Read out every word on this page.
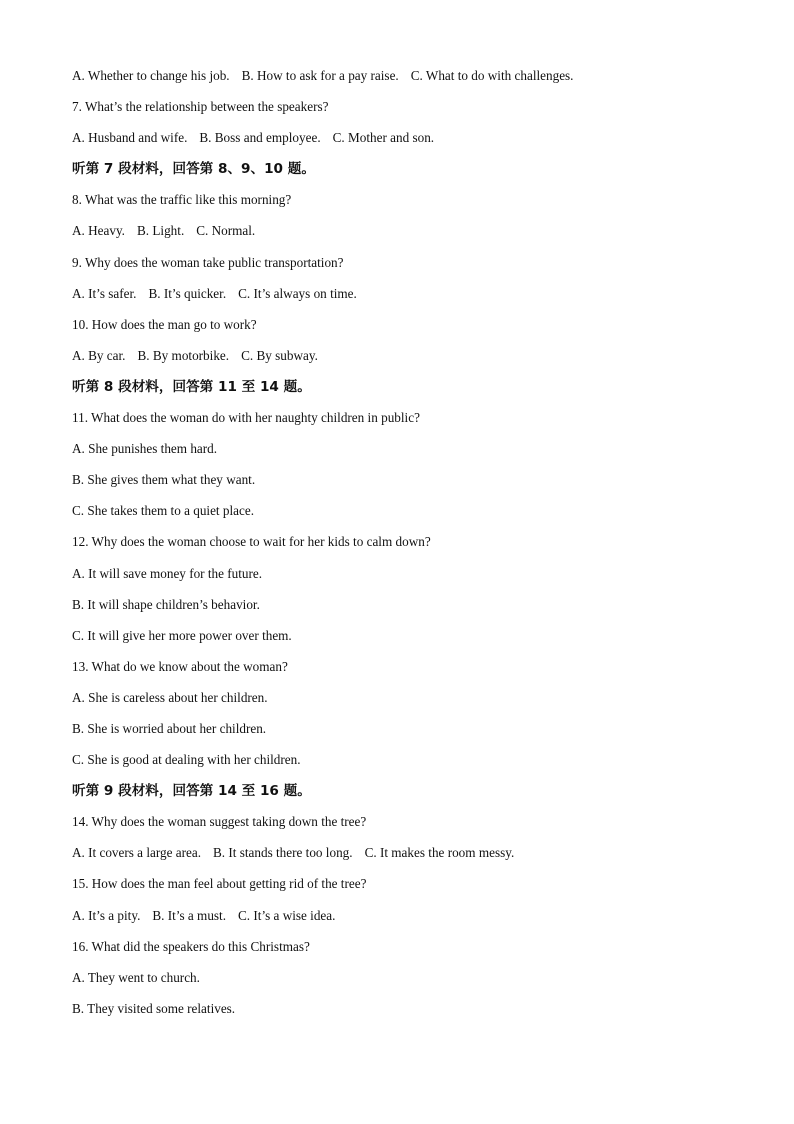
A. Whether to change his job. B. How to ask for a pay raise. C. What to do with challenges.
7. What’s the relationship between the speakers?
A. Husband and wife. B. Boss and employee. C. Mother and son.
听第 7 段材料，回答第 8、9、10 题。
8. What was the traffic like this morning?
A. Heavy. B. Light. C. Normal.
9. Why does the woman take public transportation?
A. It’s safer. B. It’s quicker. C. It’s always on time.
10. How does the man go to work?
A. By car. B. By motorbike. C. By subway.
听第 8 段材料，回答第 11 至 14 题。
11. What does the woman do with her naughty children in public?
A. She punishes them hard.
B. She gives them what they want.
C. She takes them to a quiet place.
12. Why does the woman choose to wait for her kids to calm down?
A. It will save money for the future.
B. It will shape children’s behavior.
C. It will give her more power over them.
13. What do we know about the woman?
A. She is careless about her children.
B. She is worried about her children.
C. She is good at dealing with her children.
听第 9 段材料，回答第 14 至 16 题。
14. Why does the woman suggest taking down the tree?
A. It covers a large area. B. It stands there too long. C. It makes the room messy.
15. How does the man feel about getting rid of the tree?
A. It’s a pity. B. It’s a must. C. It’s a wise idea.
16. What did the speakers do this Christmas?
A. They went to church.
B. They visited some relatives.
